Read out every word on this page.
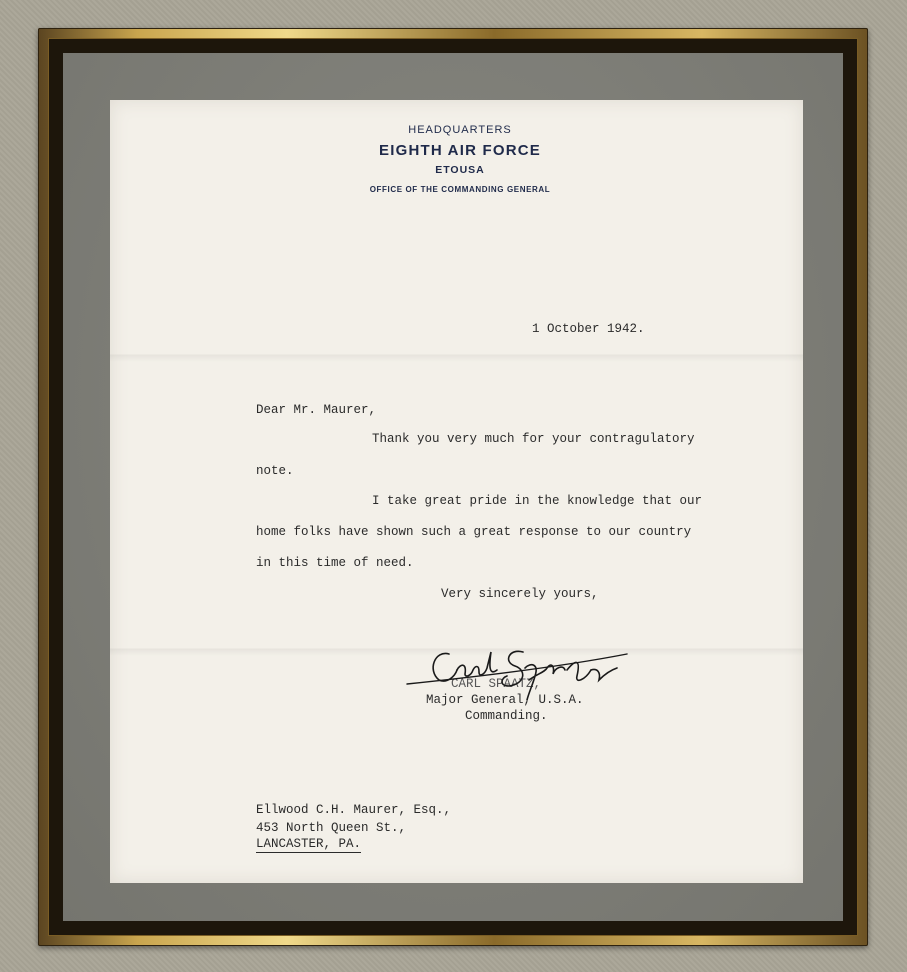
HEADQUARTERS
EIGHTH AIR FORCE
ETOUSA
OFFICE OF THE COMMANDING GENERAL
1 October 1942.
Dear Mr. Maurer,
Thank you very much for your contragulatory
note.
I take great pride in the knowledge that our
home folks have shown such a great response to our country
in this time of need.
Very sincerely yours,
CARL SPAATZ,
Major General, U.S.A.
Commanding.
Ellwood C.H. Maurer, Esq.,
453 North Queen St.,
LANCASTER, PA.
